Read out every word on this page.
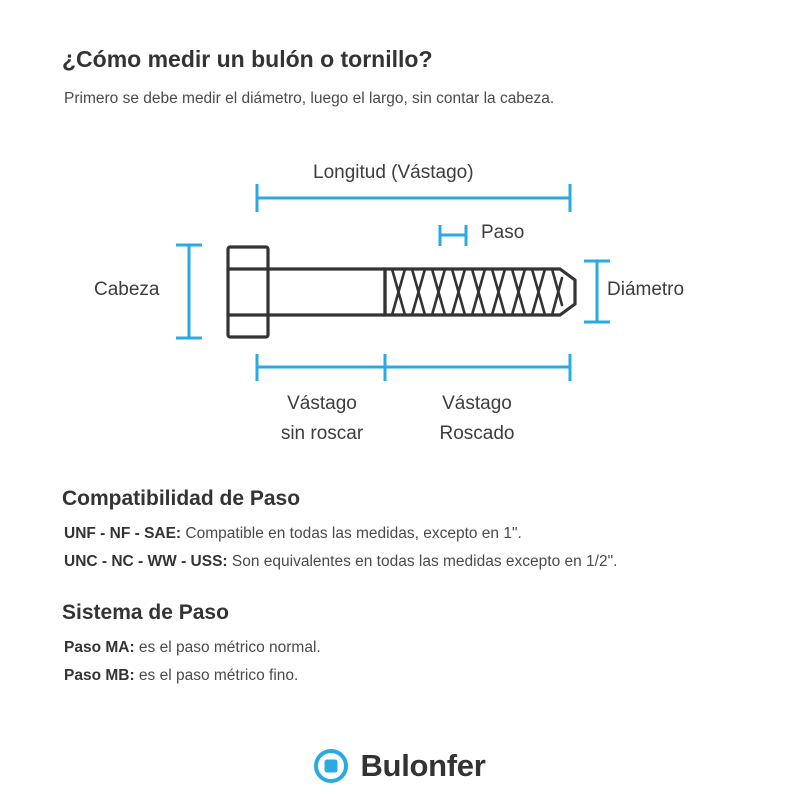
¿Cómo medir un bulón o tornillo?
Primero se debe medir el diámetro, luego el largo, sin contar la cabeza.
Longitud (Vástago)
Paso
Cabeza	Diámetro
Vástago
sin roscar
Vástago
Roscado
Compatibilidad de Paso
UNF - NF - SAE: Compatible en todas las medidas, excepto en 1".
UNC - NC - WW - USS: Son equivalentes en todas las medidas excepto en 1/2".
Sistema de Paso
Paso MA: es el paso métrico normal.
Paso MB: es el paso métrico fino.
Bulonfer
